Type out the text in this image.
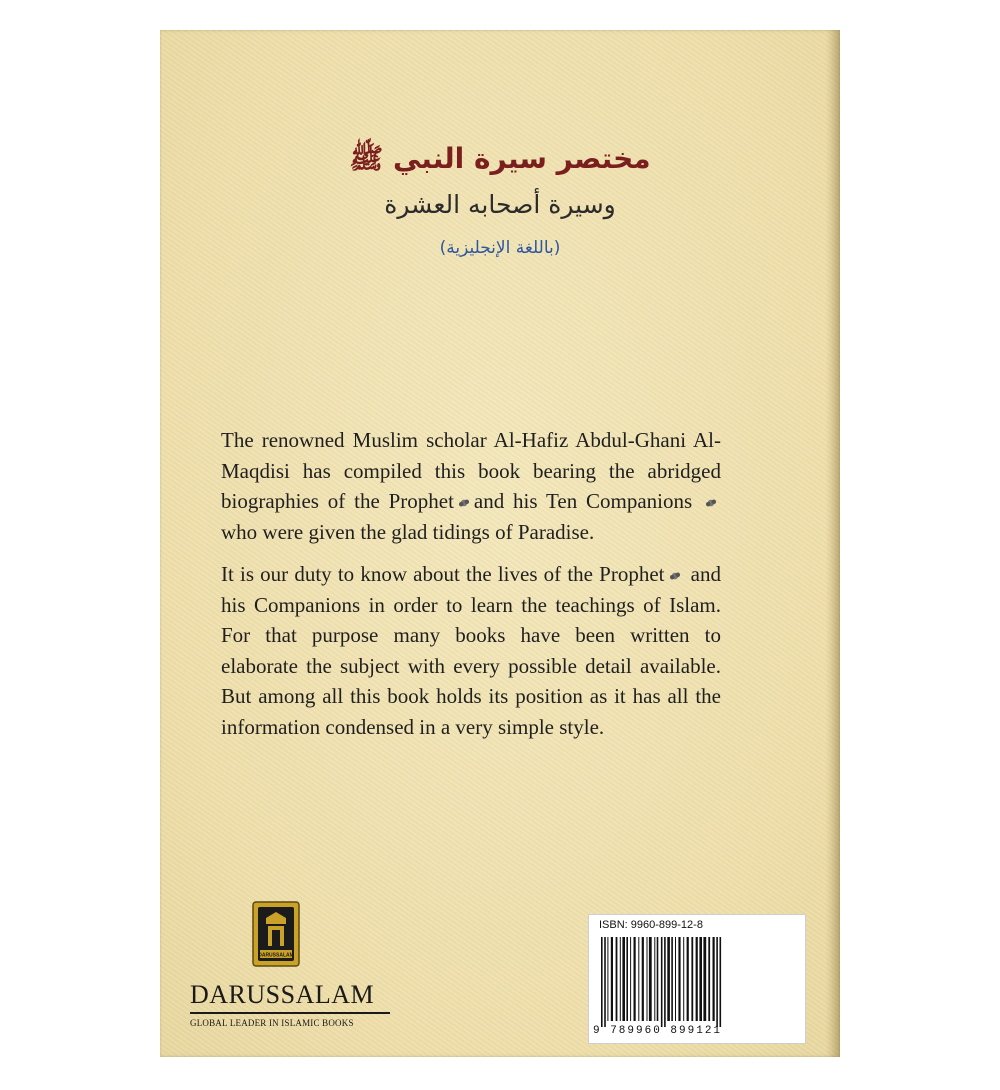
مختصر سيرة النبي ﷺ
وسيرة أصحابه العشرة
(باللغة الإنجليزية)

The renowned Muslim scholar Al-Hafiz Abdul-Ghani Al-Maqdisi has compiled this book bearing the abridged biographies of the Prophet and his Ten Companions who were given the glad tidings of Paradise.

It is our duty to know about the lives of the Prophet and his Companions in order to learn the teachings of Islam. For that purpose many books have been written to elaborate the subject with every possible detail available. But among all this book holds its position as it has all the information condensed in a very simple style.

DARUSSALAM
DARUSSALAM
GLOBAL LEADER IN ISLAMIC BOOKS
ISBN: 9960-899-12-8
9 789960 899121
